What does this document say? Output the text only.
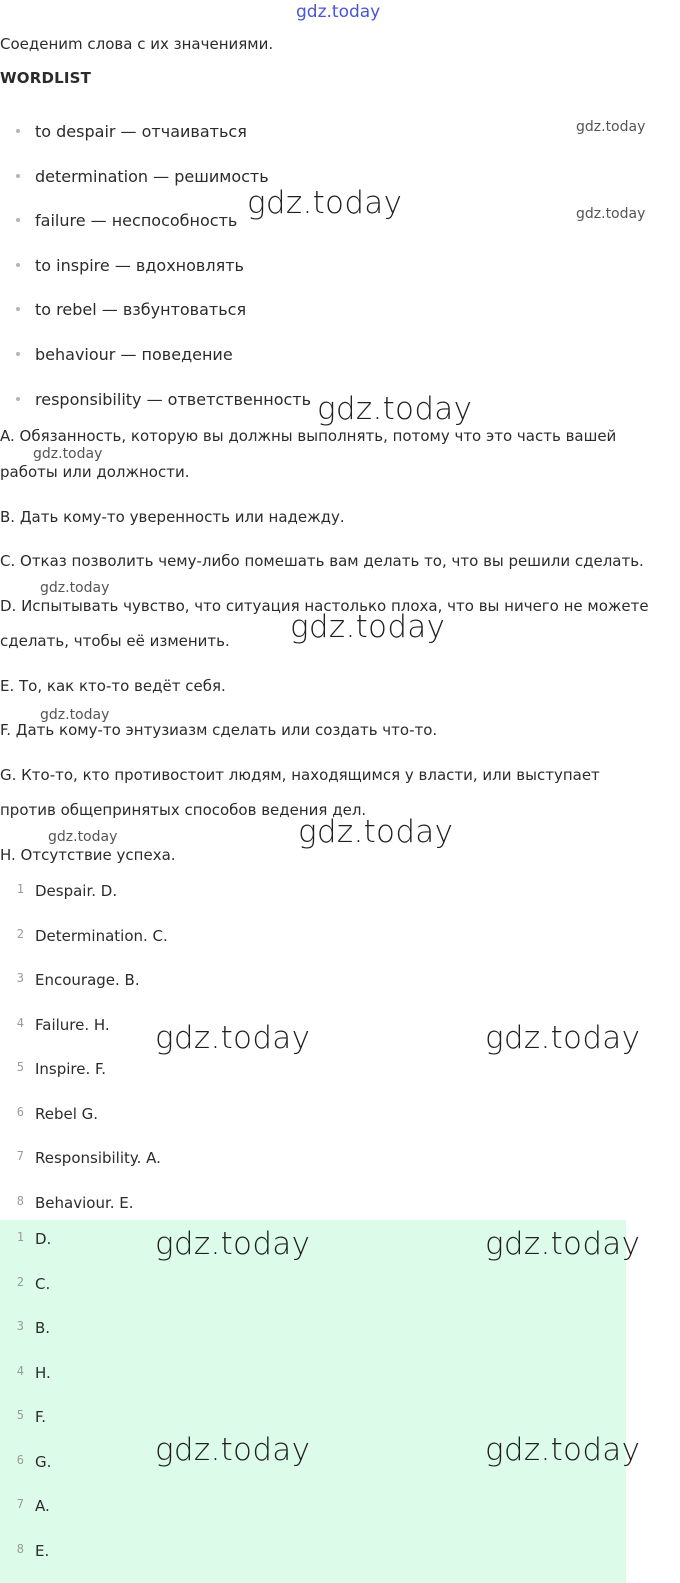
gdz.today
Соедениm слова с их значениями.
WORDLIST
to despair — отчаиваться
determination — решимость
failure — неспособность
to inspire — вдохновлять
to rebel — взбунтоваться
behaviour — поведение
responsibility — ответственность
A. Обязанность, которую вы должны выполнять, потому что это часть вашей
работы или должности.
B. Дать кому-то уверенность или надежду.
C. Отказ позволить чему-либо помешать вам делать то, что вы решили сделать.
D. Испытывать чувство, что ситуация настолько плоха, что вы ничего не можете
сделать, чтобы её изменить.
E. То, как кто-то ведёт себя.
F. Дать кому-то энтузиазм сделать или создать что-то.
G. Кто-то, кто противостоит людям, находящимся у власти, или выступает
против общепринятых способов ведения дел.
H. Отсутствие успеха.
1 Despair. D.
2 Determination. C.
3 Encourage. B.
4 Failure. H.
5 Inspire. F.
6 Rebel G.
7 Responsibility. A.
8 Behaviour. E.
1 D.
2 C.
3 B.
4 H.
5 F.
6 G.
7 A.
8 E.
gdz.today
gdz.today
gdz.today
gdz.today
gdz.today
gdz.today
gdz.today
gdz.today
gdz.today	gdz.today
gdz.today	gdz.today
gdz.today	gdz.today
gdz.today	gdz.today
